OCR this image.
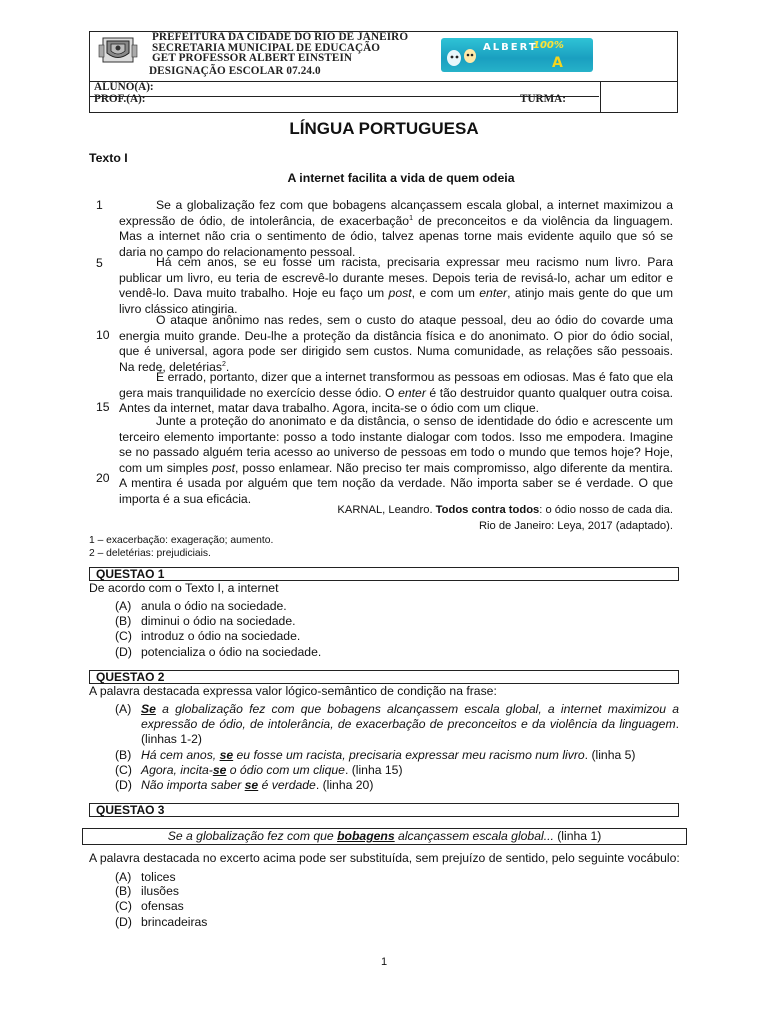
PREFEITURA DA CIDADE DO RIO DE JANEIRO
SECRETARIA MUNICIPAL DE EDUCAÇÃO
GET PROFESSOR ALBERT EINSTEIN
DESIGNAÇÃO ESCOLAR 07.24.0
ALBERT
100%
A
ALUNO(A):
PROF.(A):	TURMA:
LÍNGUA PORTUGUESA
Texto I
A internet facilita a vida de quem odeia
1
5
10
15
20
Se a globalização fez com que bobagens alcançassem escala global, a internet maximizou a expressão de ódio, de intolerância, de exacerbação$^1$ de preconceitos e da violência da linguagem. Mas a internet não cria o sentimento de ódio, talvez apenas torne mais evidente aquilo que só se daria no campo do relacionamento pessoal.
Há cem anos, se eu fosse um racista, precisaria expressar meu racismo num livro. Para publicar um livro, eu teria de escrevê-lo durante meses. Depois teria de revisá-lo, achar um editor e vendê-lo. Dava muito trabalho. Hoje eu faço um post, e com um enter, atinjo mais gente do que um livro clássico atingiria.
O ataque anônimo nas redes, sem o custo do ataque pessoal, deu ao ódio do covarde uma energia muito grande. Deu-lhe a proteção da distância física e do anonimato. O pior do ódio social, que é universal, agora pode ser dirigido sem custos. Numa comunidade, as relações são pessoais. Na rede, deletérias$^2$.
É errado, portanto, dizer que a internet transformou as pessoas em odiosas. Mas é fato que ela gera mais tranquilidade no exercício desse ódio. O enter é tão destruidor quanto qualquer outra coisa. Antes da internet, matar dava trabalho. Agora, incita-se o ódio com um clique.
Junte a proteção do anonimato e da distância, o senso de identidade do ódio e acrescente um terceiro elemento importante: posso a todo instante dialogar com todos. Isso me empodera. Imagine se no passado alguém teria acesso ao universo de pessoas em todo o mundo que temos hoje? Hoje, com um simples post, posso enlamear. Não preciso ter mais compromisso, algo diferente da mentira. A mentira é usada por alguém que tem noção da verdade. Não importa saber se é verdade. O que importa é a sua eficácia.
KARNAL, Leandro. Todos contra todos: o ódio nosso de cada dia.
Rio de Janeiro: Leya, 2017 (adaptado).
1 – exacerbação: exageração; aumento.
2 – deletérias: prejudiciais.
QUESTAO 1
De acordo com o Texto I, a internet
(A) anula o ódio na sociedade.
(B) diminui o ódio na sociedade.
(C) introduz o ódio na sociedade.
(D) potencializa o ódio na sociedade.
QUESTAO 2
A palavra destacada expressa valor lógico-semântico de condição na frase:
(A) Se a globalização fez com que bobagens alcançassem escala global, a internet maximizou a expressão de ódio, de intolerância, de exacerbação de preconceitos e da violência da linguagem. (linhas 1-2)
(B) Há cem anos, se eu fosse um racista, precisaria expressar meu racismo num livro. (linha 5)
(C) Agora, incita-se o ódio com um clique. (linha 15)
(D) Não importa saber se é verdade. (linha 20)
QUESTAO 3
Se a globalização fez com que bobagens alcançassem escala global... (linha 1)
A palavra destacada no excerto acima pode ser substituída, sem prejuízo de sentido, pelo seguinte vocábulo:
(A) tolices
(B) ilusões
(C) ofensas
(D) brincadeiras
1
